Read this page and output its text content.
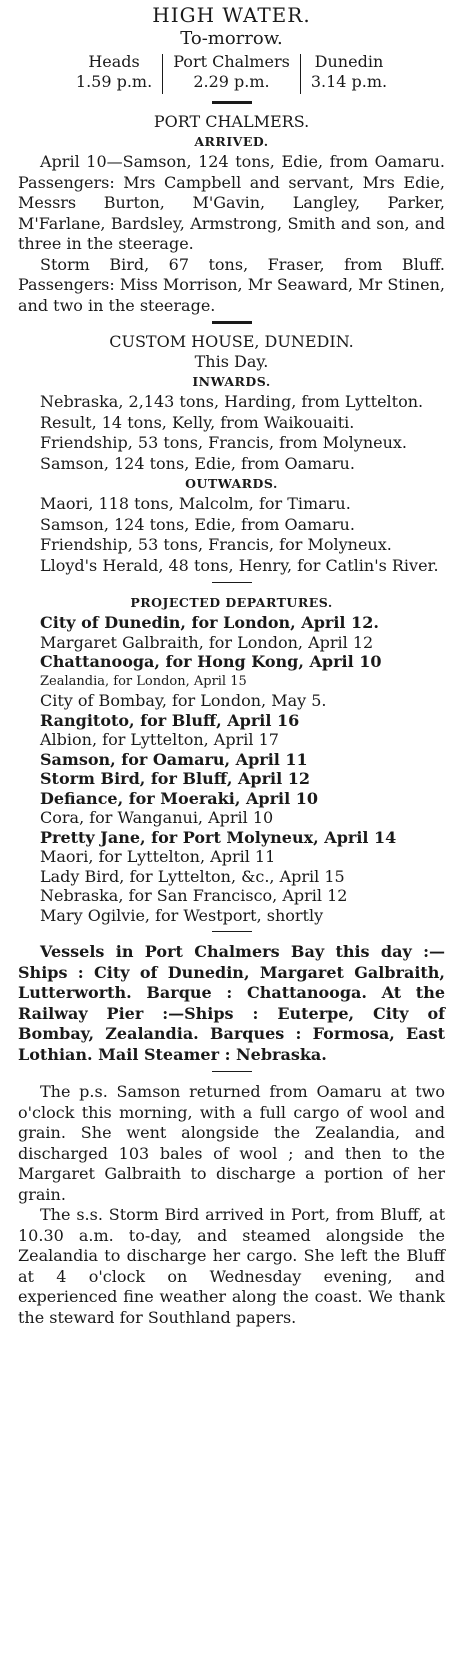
HIGH WATER.
To-morrow.
Heads
1.59 p.m.
Port Chalmers
2.29 p.m.
Dunedin
3.14 p.m.
PORT CHALMERS.
ARRIVED.

April 10—Samson, 124 tons, Edie, from Oamaru. Passengers: Mrs Campbell and servant, Mrs Edie, Messrs Burton, M'Gavin, Langley, Parker, M'Farlane, Bardsley, Armstrong, Smith and son, and three in the steerage.

Storm Bird, 67 tons, Fraser, from Bluff. Passengers: Miss Morrison, Mr Seaward, Mr Stinen, and two in the steerage.

CUSTOM HOUSE, DUNEDIN.
This Day.
INWARDS.

Nebraska, 2,143 tons, Harding, from Lyttelton.

Result, 14 tons, Kelly, from Waikouaiti.

Friendship, 53 tons, Francis, from Molyneux.

Samson, 124 tons, Edie, from Oamaru.

OUTWARDS.

Maori, 118 tons, Malcolm, for Timaru.

Samson, 124 tons, Edie, from Oamaru.

Friendship, 53 tons, Francis, for Molyneux.

Lloyd's Herald, 48 tons, Henry, for Catlin's River.

PROJECTED DEPARTURES.
City of Dunedin, for London, April 12.
Margaret Galbraith, for London, April 12
Chattanooga, for Hong Kong, April 10
Zealandia, for London, April 15
City of Bombay, for London, May 5.
Rangitoto, for Bluff, April 16
Albion, for Lyttelton, April 17
Samson, for Oamaru, April 11
Storm Bird, for Bluff, April 12
Defiance, for Moeraki, April 10
Cora, for Wanganui, April 10
Pretty Jane, for Port Molyneux, April 14
Maori, for Lyttelton, April 11
Lady Bird, for Lyttelton, &c., April 15
Nebraska, for San Francisco, April 12
Mary Ogilvie, for Westport, shortly

Vessels in Port Chalmers Bay this day :—Ships : City of Dunedin, Margaret Galbraith, Lutterworth. Barque : Chattanooga. At the Railway Pier :—Ships : Euterpe, City of Bombay, Zealandia. Barques : Formosa, East Lothian. Mail Steamer : Nebraska.

The p.s. Samson returned from Oamaru at two o'clock this morning, with a full cargo of wool and grain. She went alongside the Zealandia, and discharged 103 bales of wool ; and then to the Margaret Galbraith to discharge a portion of her grain.

The s.s. Storm Bird arrived in Port, from Bluff, at 10.30 a.m. to-day, and steamed alongside the Zealandia to discharge her cargo. She left the Bluff at 4 o'clock on Wednesday evening, and experienced fine weather along the coast. We thank the steward for Southland papers.
